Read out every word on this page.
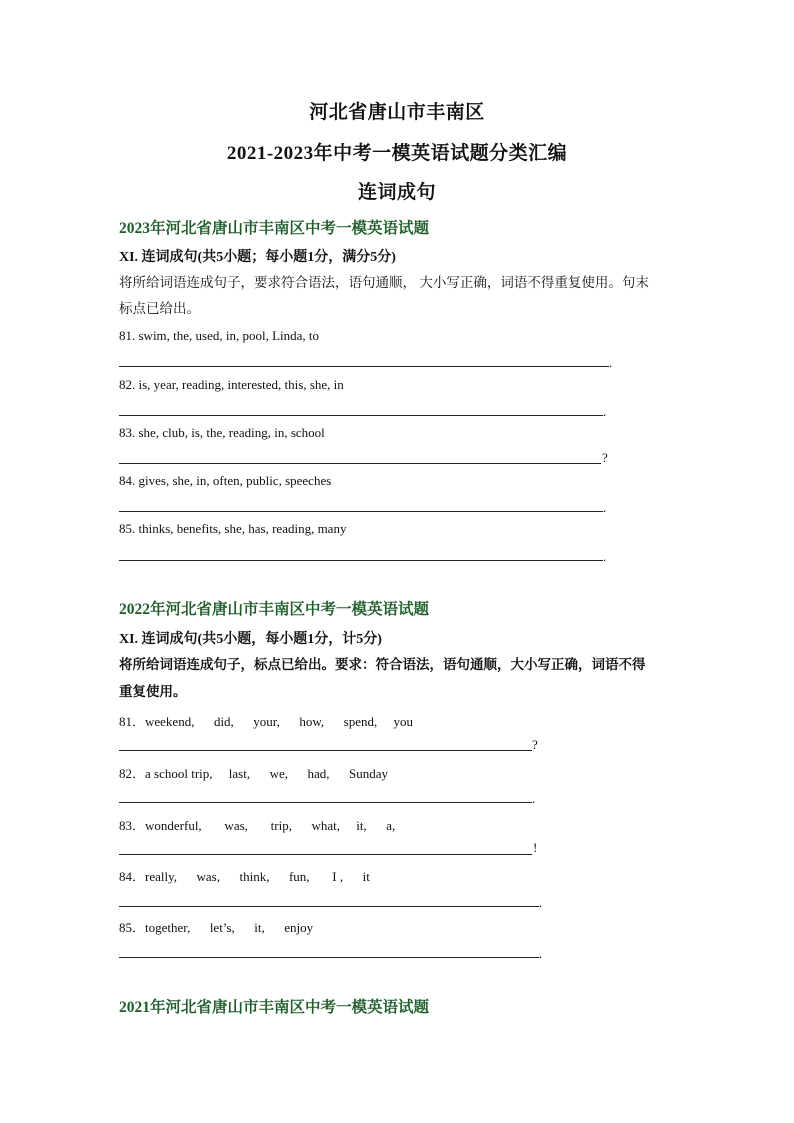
河北省唐山市丰南区
2021-2023年中考一模英语试题分类汇编
连词成句
2023年河北省唐山市丰南区中考一模英语试题
XI. 连词成句(共5小题；每小题1分，满分5分)
将所给词语连成句子，要求符合语法，语句通顺， 大小写正确，词语不得重复使用。句末
标点已给出。
81. swim, the, used, in, pool, Linda, to
.
82. is, year, reading, interested, this, she, in
.
83. she, club, is, the, reading, in, school
?
84. gives, she, in, often, public, speeches
.
85. thinks, benefits, she, has, reading, many
.
2022年河北省唐山市丰南区中考一模英语试题
XI. 连词成句(共5小题，每小题1分，计5分)
将所给词语连成句子，标点已给出。要求：符合语法，语句通顺，大小写正确，词语不得
重复使用。
81．weekend,      did,      your,      how,      spend,     you
?
82．a school trip,     last,      we,      had,      Sunday
.
83．wonderful,       was,       trip,      what,     it,      a,
!
84．really,      was,      think,      fun,       I ,      it
.
85．together,      let’s,      it,      enjoy
.
2021年河北省唐山市丰南区中考一模英语试题
